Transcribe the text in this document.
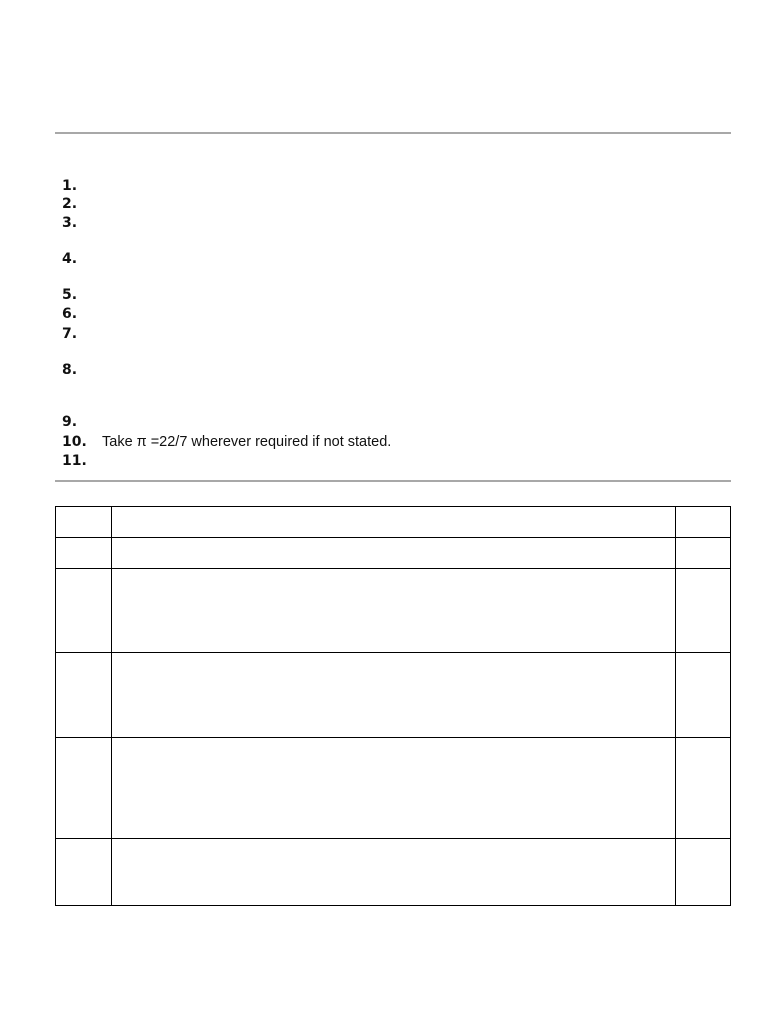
1.
2.
3.
4.
5.
6.
7.
8.
9.
10.	Take π =22/7 wherever required if not stated.
11.
